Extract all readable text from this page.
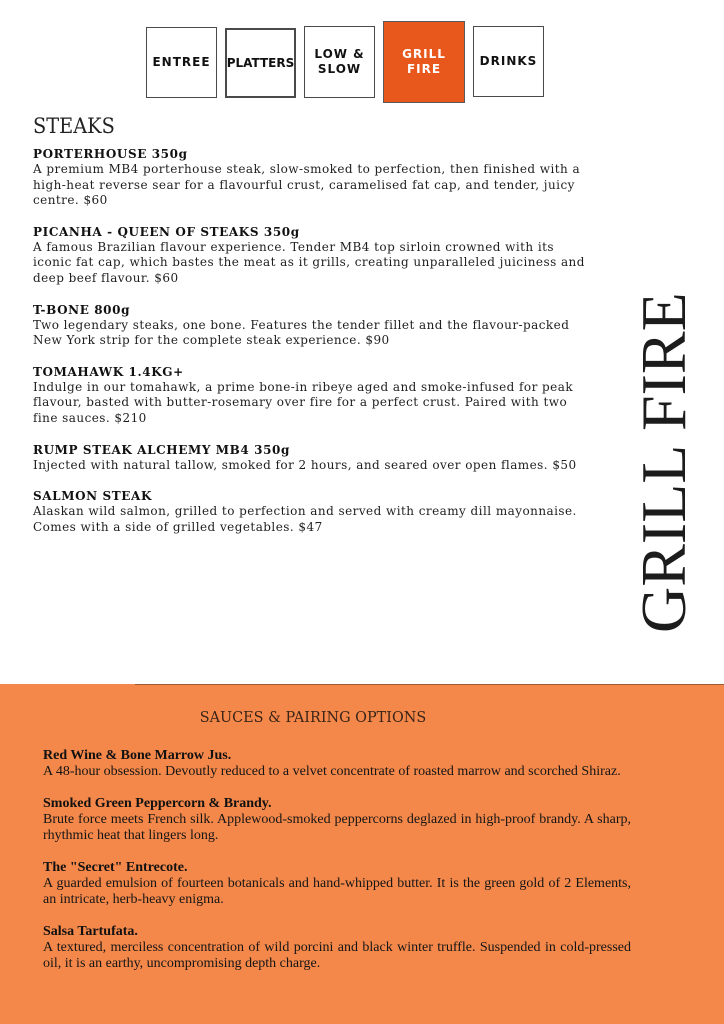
ENTREE PLATTERS
LOW &
SLOW
GRILL
FIRE
DRINKS
STEAKS
PORTERHOUSE 350g
A premium MB4 porterhouse steak, slow-smoked to perfection, then finished with a high-heat reverse sear for a flavourful crust, caramelised fat cap, and tender, juicy centre. $60
PICANHA - QUEEN OF STEAKS 350g
A famous Brazilian flavour experience. Tender MB4 top sirloin crowned with its iconic fat cap, which bastes the meat as it grills, creating unparalleled juiciness and deep beef flavour. $60
T-BONE 800g
Two legendary steaks, one bone. Features the tender fillet and the flavour-packed New York strip for the complete steak experience. $90
TOMAHAWK 1.4KG+
Indulge in our tomahawk, a prime bone-in ribeye aged and smoke-infused for peak flavour, basted with butter-rosemary over fire for a perfect crust. Paired with two fine sauces. $210
RUMP STEAK ALCHEMY MB4 350g
Injected with natural tallow, smoked for 2 hours, and seared over open flames. $50
SALMON STEAK
Alaskan wild salmon, grilled to perfection and served with creamy dill mayonnaise. Comes with a side of grilled vegetables. $47	GRILL FIRE
SAUCES & PAIRING OPTIONS
Red Wine & Bone Marrow Jus.
A 48-hour obsession. Devoutly reduced to a velvet concentrate of roasted marrow and scorched Shiraz.
Smoked Green Peppercorn & Brandy.
Brute force meets French silk. Applewood-smoked peppercorns deglazed in high-proof brandy. A sharp, rhythmic heat that lingers long.
The "Secret" Entrecote.
A guarded emulsion of fourteen botanicals and hand-whipped butter. It is the green gold of 2 Elements, an intricate, herb-heavy enigma.
Salsa Tartufata.
A textured, merciless concentration of wild porcini and black winter truffle. Suspended in cold-pressed oil, it is an earthy, uncompromising depth charge.
